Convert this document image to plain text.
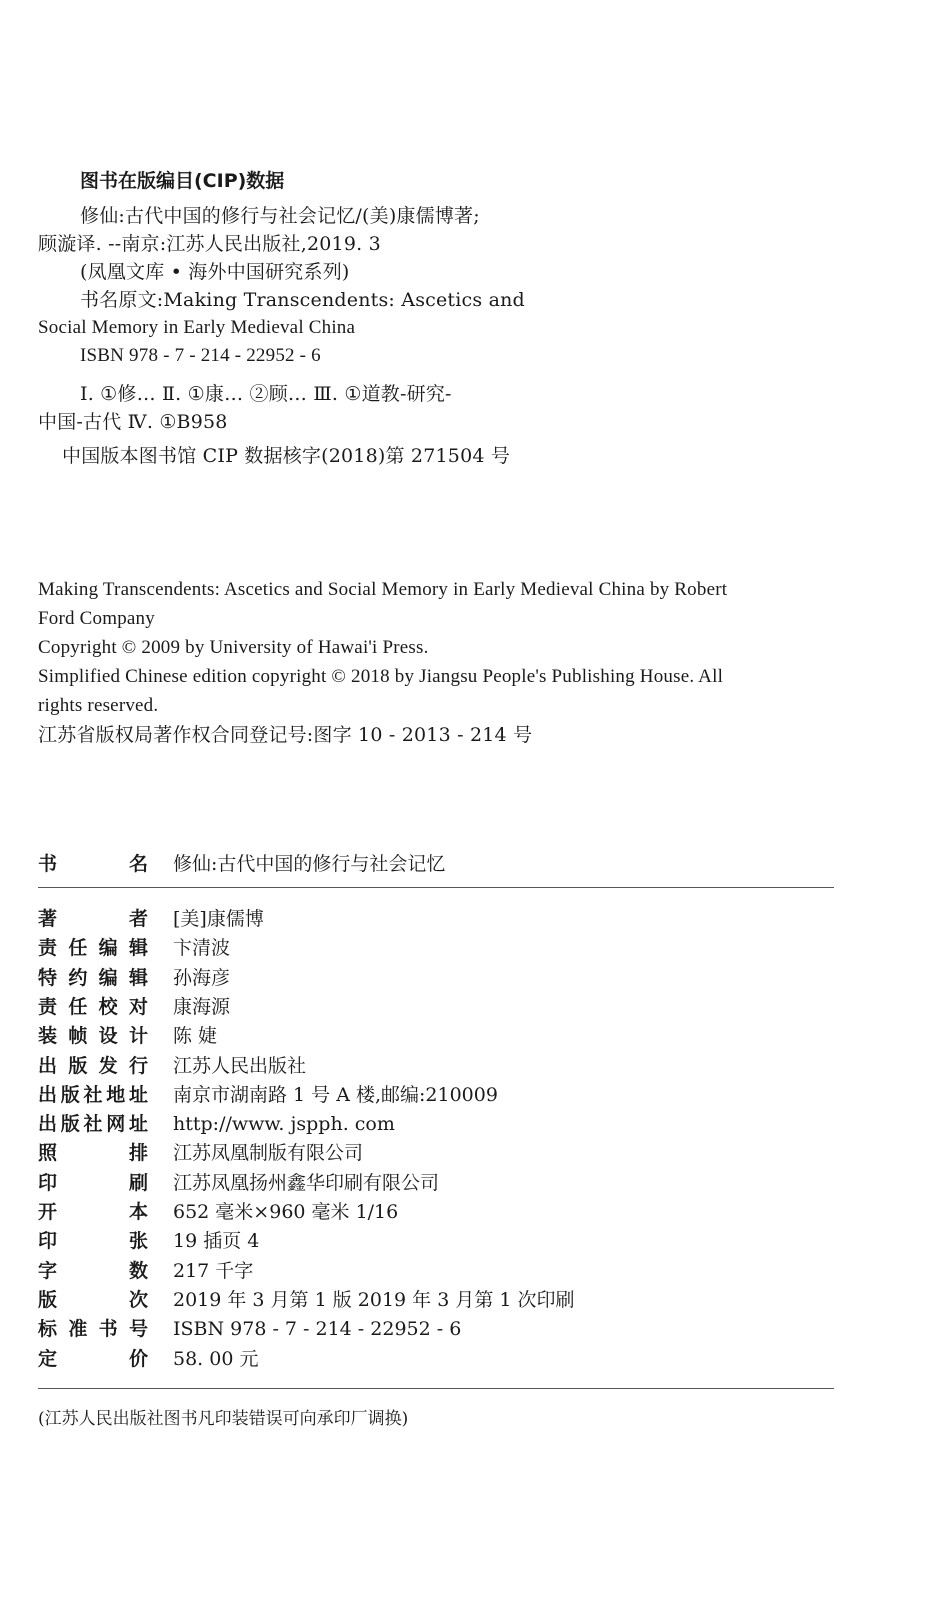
图书在版编目(CIP)数据
修仙:古代中国的修行与社会记忆/(美)康儒博著;
顾漩译. --南京:江苏人民出版社,2019. 3
(凤凰文库 • 海外中国研究系列)
书名原文:Making Transcendents: Ascetics and
Social Memory in Early Medieval China
ISBN 978 - 7 - 214 - 22952 - 6
Ⅰ. ①修… Ⅱ. ①康… ②顾… Ⅲ. ①道教-研究-
中国-古代 Ⅳ. ①B958
中国版本图书馆 CIP 数据核字(2018)第 271504 号
Making Transcendents: Ascetics and Social Memory in Early Medieval China by Robert
Ford Company
Copyright © 2009 by University of Hawai'i Press.
Simplified Chinese edition copyright © 2018 by Jiangsu People's Publishing House. All
rights reserved.
江苏省版权局著作权合同登记号:图字 10 - 2013 - 214 号
书	名 修仙:古代中国的修行与社会记忆
著	者 [美]康儒博
责 任 编 辑 卞清波
特 约 编 辑 孙海彦
责 任 校 对 康海源
装 帧 设 计 陈 婕
出 版 发 行 江苏人民出版社
出 版 社 地 址 南京市湖南路 1 号 A 楼,邮编:210009
出 版 社 网 址 http://www. jspph. com
照	排 江苏凤凰制版有限公司
印	刷 江苏凤凰扬州鑫华印刷有限公司
开	本 652 毫米×960 毫米 1/16
印	张 19 插页 4
字	数 217 千字
版	次 2019 年 3 月第 1 版 2019 年 3 月第 1 次印刷
标 准 书 号 ISBN 978 - 7 - 214 - 22952 - 6
定	价 58. 00 元
(江苏人民出版社图书凡印装错误可向承印厂调换)
